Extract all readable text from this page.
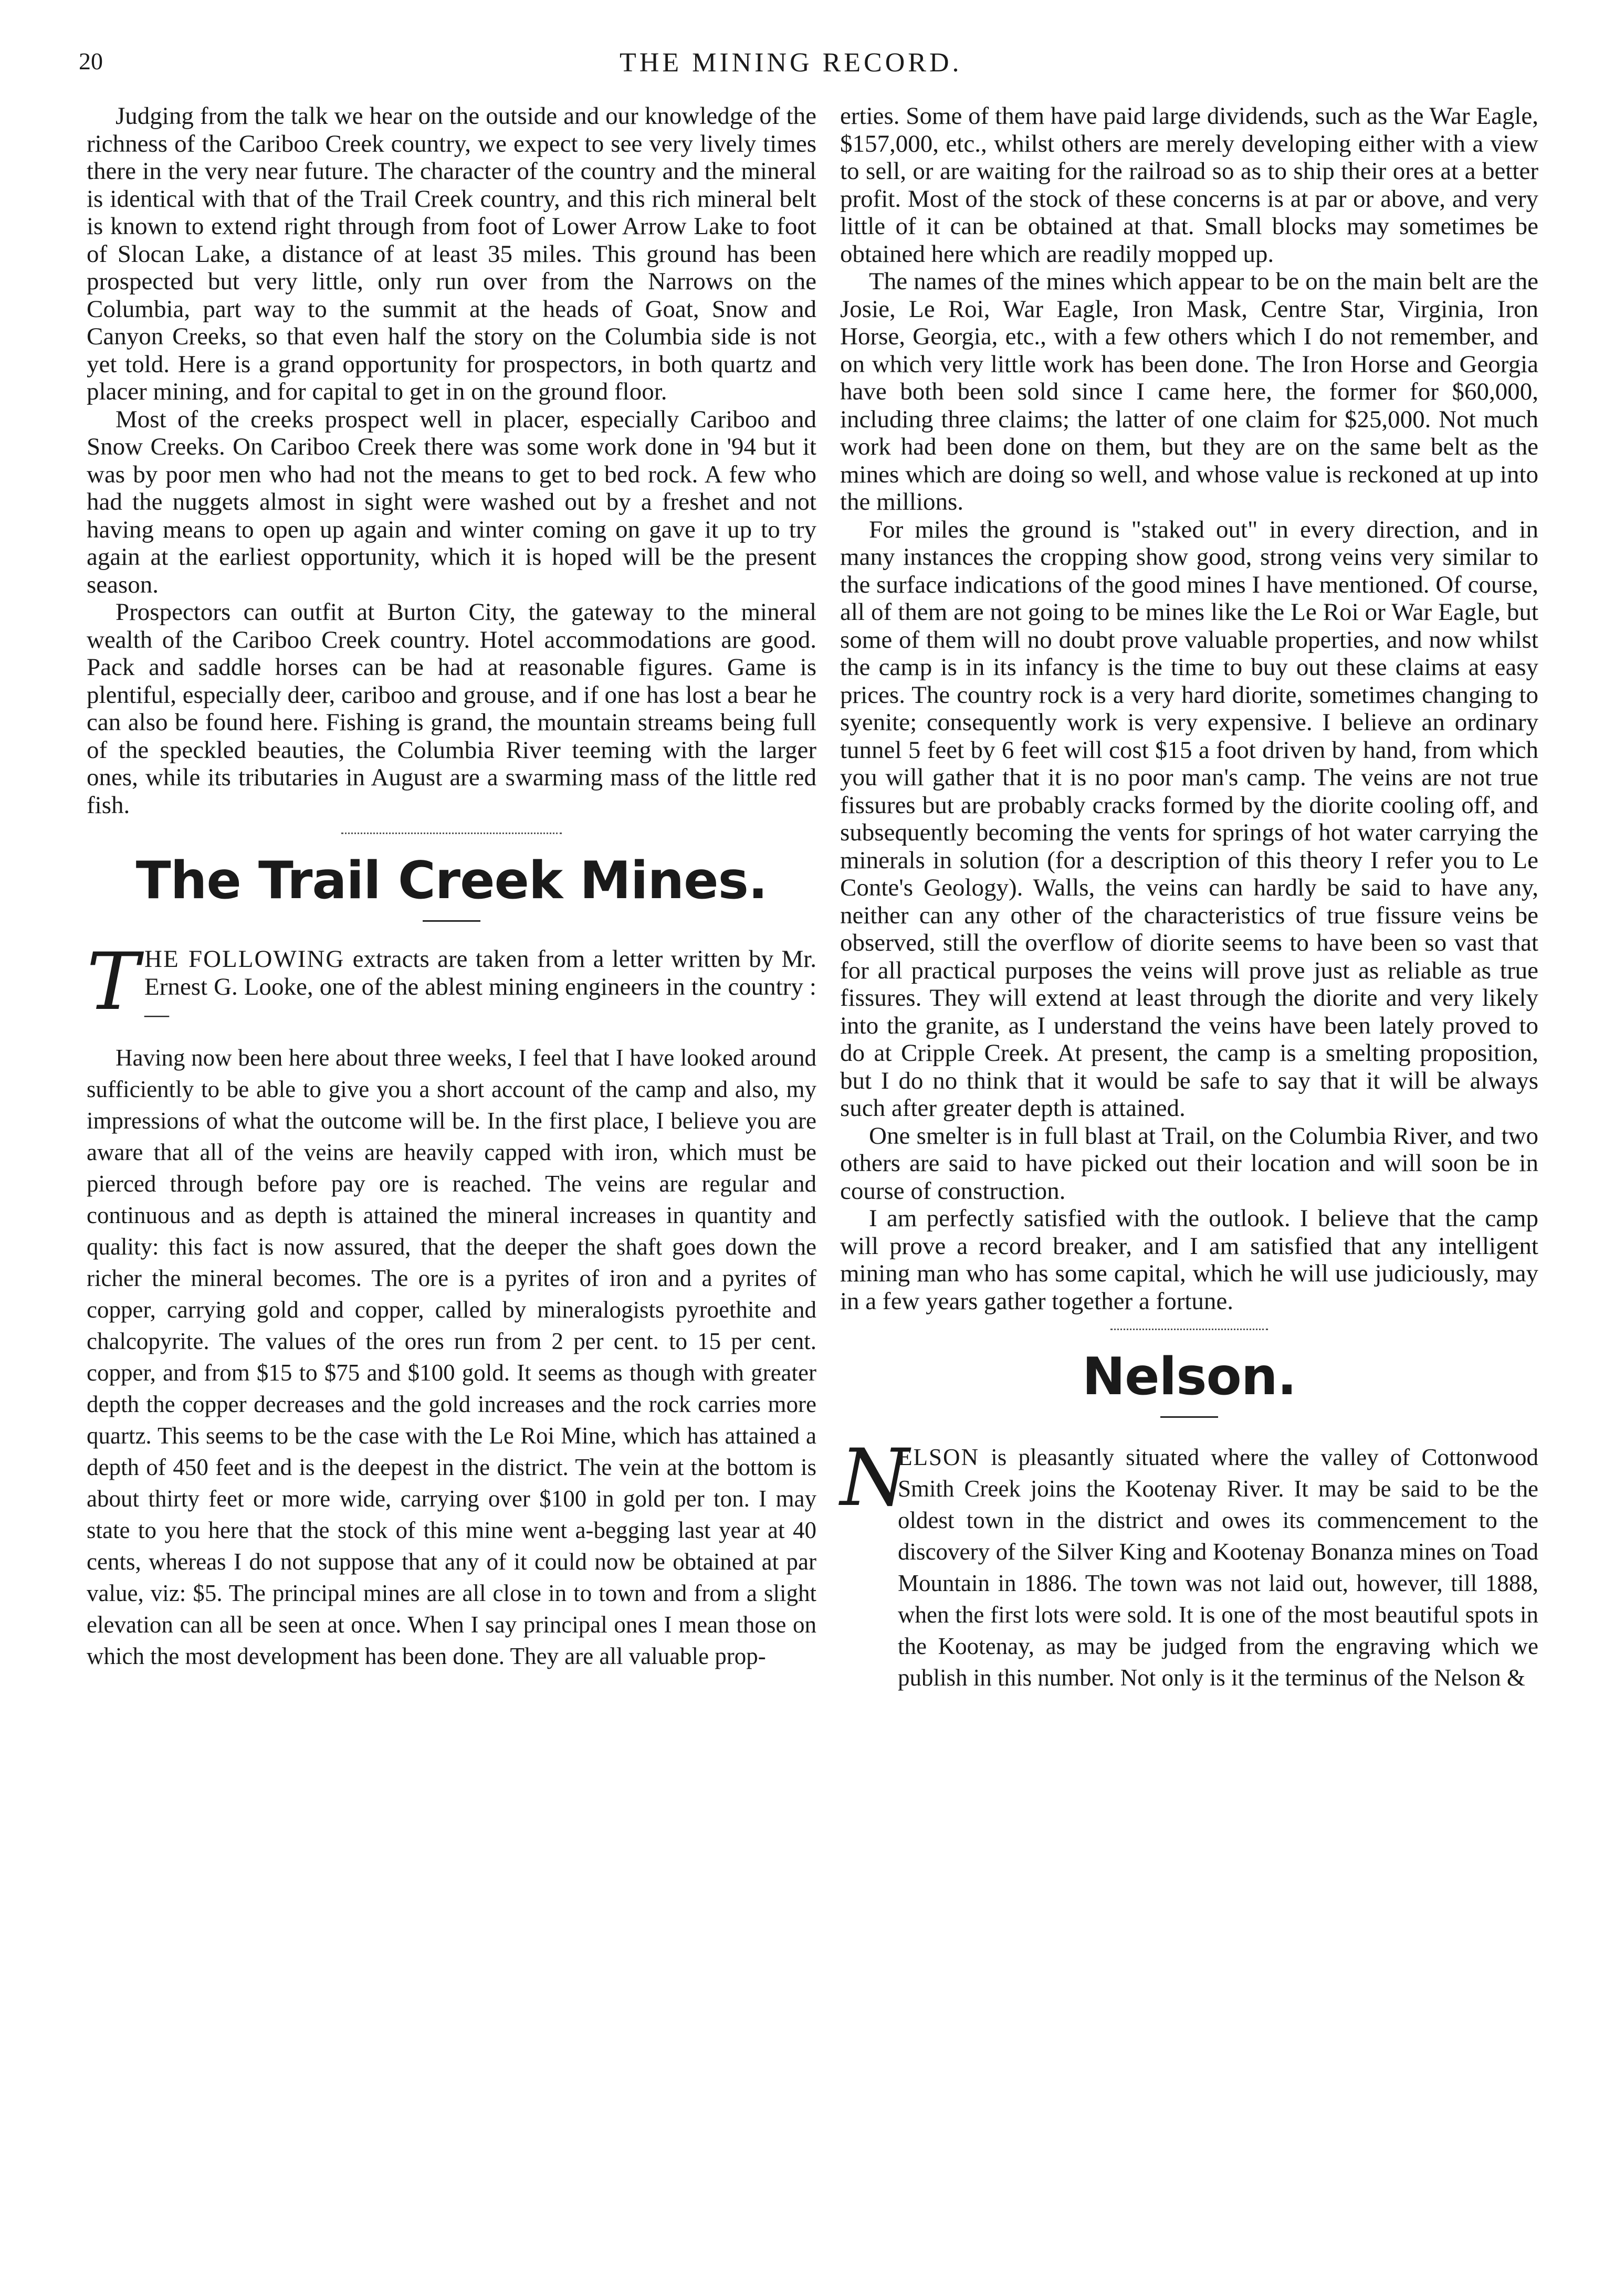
20	THE MINING RECORD.

Judging from the talk we hear on the outside and our knowledge of the richness of the Cariboo Creek country, we expect to see very lively times there in the very near future. The character of the country and the mineral is identical with that of the Trail Creek country, and this rich mineral belt is known to extend right through from foot of Lower Arrow Lake to foot of Slocan Lake, a distance of at least 35 miles. This ground has been prospected but very little, only run over from the Narrows on the Columbia, part way to the summit at the heads of Goat, Snow and Canyon Creeks, so that even half the story on the Columbia side is not yet told. Here is a grand opportunity for prospectors, in both quartz and placer mining, and for capital to get in on the ground floor.

Most of the creeks prospect well in placer, especially Cariboo and Snow Creeks. On Cariboo Creek there was some work done in '94 but it was by poor men who had not the means to get to bed rock. A few who had the nuggets almost in sight were washed out by a freshet and not having means to open up again and winter coming on gave it up to try again at the earliest opportunity, which it is hoped will be the present season.

Prospectors can outfit at Burton City, the gateway to the mineral wealth of the Cariboo Creek country. Hotel accommodations are good. Pack and saddle horses can be had at reasonable figures. Game is plentiful, especially deer, cariboo and grouse, and if one has lost a bear he can also be found here. Fishing is grand, the mountain streams being full of the speckled beauties, the Columbia River teeming with the larger ones, while its tributaries in August are a swarming mass of the little red fish.

The Trail Creek Mines.

T HE FOLLOWING extracts are taken from a letter written by Mr. Ernest G. Looke, one of the ablest mining engineers in the country :—

Having now been here about three weeks, I feel that I have looked around sufficiently to be able to give you a short account of the camp and also, my impressions of what the outcome will be. In the first place, I believe you are aware that all of the veins are heavily capped with iron, which must be pierced through before pay ore is reached. The veins are regular and continuous and as depth is attained the mineral increases in quantity and quality: this fact is now assured, that the deeper the shaft goes down the richer the mineral becomes. The ore is a pyrites of iron and a pyrites of copper, carrying gold and copper, called by mineralogists pyroethite and chalcopyrite. The values of the ores run from 2 per cent. to 15 per cent. copper, and from $15 to $75 and $100 gold. It seems as though with greater depth the copper decreases and the gold increases and the rock carries more quartz. This seems to be the case with the Le Roi Mine, which has attained a depth of 450 feet and is the deepest in the district. The vein at the bottom is about thirty feet or more wide, carrying over $100 in gold per ton. I may state to you here that the stock of this mine went a-begging last year at 40 cents, whereas I do not suppose that any of it could now be obtained at par value, viz: $5. The principal mines are all close in to town and from a slight elevation can all be seen at once. When I say principal ones I mean those on which the most development has been done. They are all valuable prop-

erties. Some of them have paid large dividends, such as the War Eagle, $157,000, etc., whilst others are merely developing either with a view to sell, or are waiting for the railroad so as to ship their ores at a better profit. Most of the stock of these concerns is at par or above, and very little of it can be obtained at that. Small blocks may sometimes be obtained here which are readily mopped up.

The names of the mines which appear to be on the main belt are the Josie, Le Roi, War Eagle, Iron Mask, Centre Star, Virginia, Iron Horse, Georgia, etc., with a few others which I do not remember, and on which very little work has been done. The Iron Horse and Georgia have both been sold since I came here, the former for $60,000, including three claims; the latter of one claim for $25,000. Not much work had been done on them, but they are on the same belt as the mines which are doing so well, and whose value is reckoned at up into the millions.

For miles the ground is "staked out" in every direction, and in many instances the cropping show good, strong veins very similar to the surface indications of the good mines I have mentioned. Of course, all of them are not going to be mines like the Le Roi or War Eagle, but some of them will no doubt prove valuable properties, and now whilst the camp is in its infancy is the time to buy out these claims at easy prices. The country rock is a very hard diorite, sometimes changing to syenite; consequently work is very expensive. I believe an ordinary tunnel 5 feet by 6 feet will cost $15 a foot driven by hand, from which you will gather that it is no poor man's camp. The veins are not true fissures but are probably cracks formed by the diorite cooling off, and subsequently becoming the vents for springs of hot water carrying the minerals in solution (for a description of this theory I refer you to Le Conte's Geology). Walls, the veins can hardly be said to have any, neither can any other of the characteristics of true fissure veins be observed, still the overflow of diorite seems to have been so vast that for all practical purposes the veins will prove just as reliable as true fissures. They will extend at least through the diorite and very likely into the granite, as I understand the veins have been lately proved to do at Cripple Creek. At present, the camp is a smelting proposition, but I do no think that it would be safe to say that it will be always such after greater depth is attained.

One smelter is in full blast at Trail, on the Columbia River, and two others are said to have picked out their location and will soon be in course of construction.

I am perfectly satisfied with the outlook. I believe that the camp will prove a record breaker, and I am satisfied that any intelligent mining man who has some capital, which he will use judiciously, may in a few years gather together a fortune.

Nelson.

N
ELSON is pleasantly situated where the valley of Cottonwood Smith Creek joins the Kootenay River. It may be said to be the oldest town in the district and owes its commencement to the discovery of the Silver King and Kootenay Bonanza mines on Toad Mountain in 1886. The town was not laid out, however, till 1888, when the first lots were sold. It is one of the most beautiful spots in the Kootenay, as may be judged from the engraving which we publish in this number. Not only is it the terminus of the Nelson &
